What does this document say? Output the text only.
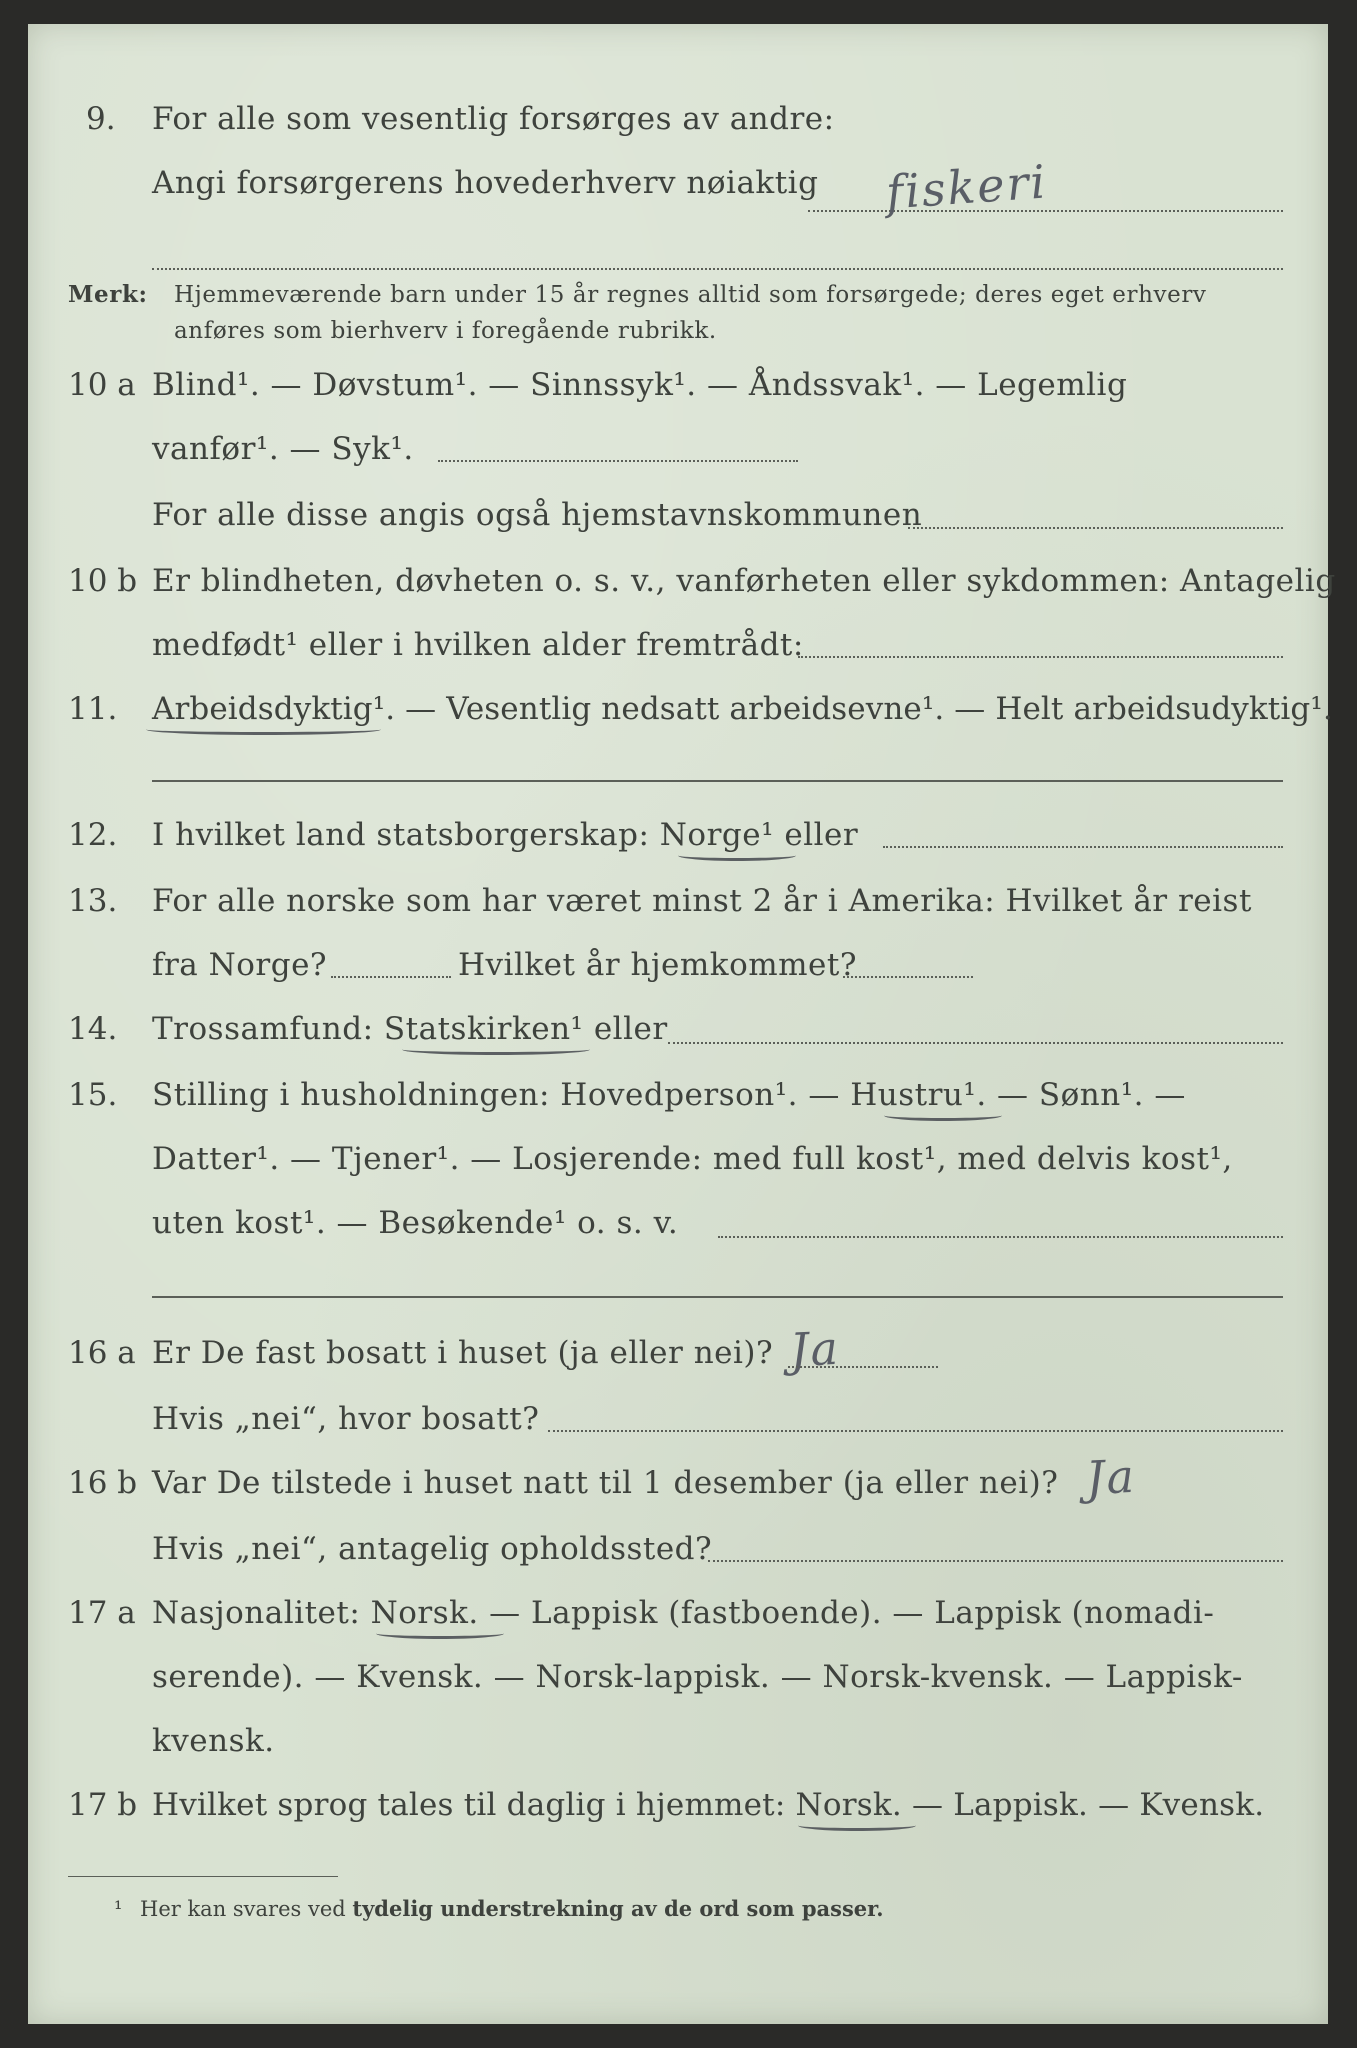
9. For alle som vesentlig forsørges av andre:
Angi forsørgerens hovederhverv nøiaktig fiskeri
Merk: Hjemmeværende barn under 15 år regnes alltid som forsørgede; deres eget erhverv
anføres som bierhverv i foregående rubrikk.
10 a Blind¹. — Døvstum¹. — Sinnssyk¹. — Åndssvak¹. — Legemlig
vanfør¹. — Syk¹.
For alle disse angis også hjemstavnskommunen
10 b Er blindheten, døvheten o. s. v., vanførheten eller sykdommen: Antagelig
medfødt¹ eller i hvilken alder fremtrådt:
11. Arbeidsdyktig¹. — Vesentlig nedsatt arbeidsevne¹. — Helt arbeidsudyktig¹.
12. I hvilket land statsborgerskap: Norge¹ eller
13. For alle norske som har været minst 2 år i Amerika: Hvilket år reist
fra Norge?	Hvilket år hjemkommet?
14. Trossamfund: Statskirken¹ eller
15. Stilling i husholdningen: Hovedperson¹. — Hustru¹. — Sønn¹. —
Datter¹. — Tjener¹. — Losjerende: med full kost¹, med delvis kost¹,
uten kost¹. — Besøkende¹ o. s. v.
16 a Er De fast bosatt i huset (ja eller nei)? Ja
Hvis „nei“, hvor bosatt?
16 b Var De tilstede i huset natt til 1 desember (ja eller nei)? Ja
Hvis „nei“, antagelig opholdssted?
17 a Nasjonalitet: Norsk. — Lappisk (fastboende). — Lappisk (nomadi-
serende). — Kvensk. — Norsk-lappisk. — Norsk-kvensk. — Lappisk-
kvensk.
17 b Hvilket sprog tales til daglig i hjemmet: Norsk. — Lappisk. — Kvensk.
¹ Her kan svares ved tydelig understrekning av de ord som passer.
